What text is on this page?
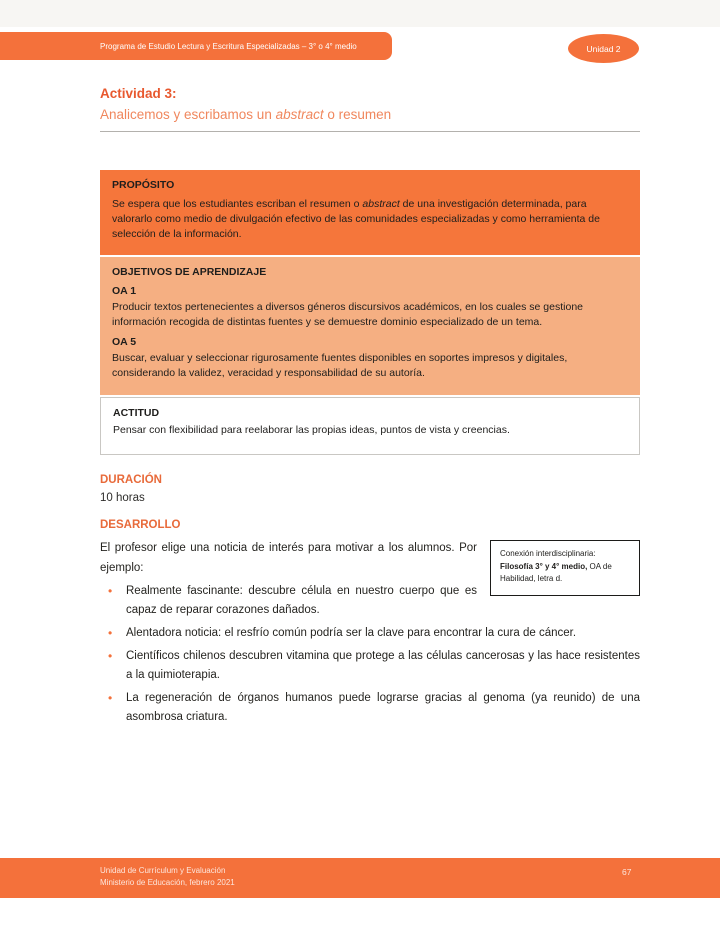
Programa de Estudio Lectura y Escritura Especializadas – 3° o 4° medio	Unidad 2
Actividad 3:
Analicemos y escribamos un abstract o resumen
PROPÓSITO

Se espera que los estudiantes escriban el resumen o abstract de una investigación determinada, para valorarlo como medio de divulgación efectivo de las comunidades especializadas y como herramienta de selección de la información.

OBJETIVOS DE APRENDIZAJE
OA 1

Producir textos pertenecientes a diversos géneros discursivos académicos, en los cuales se gestione información recogida de distintas fuentes y se demuestre dominio especializado de un tema.

OA 5

Buscar, evaluar y seleccionar rigurosamente fuentes disponibles en soportes impresos y digitales, considerando la validez, veracidad y responsabilidad de su autoría.

ACTITUD

Pensar con flexibilidad para reelaborar las propias ideas, puntos de vista y creencias.

DURACIÓN
10 horas
DESARROLLO
Conexión interdisciplinaria:
Filosofía 3° y 4° medio, OA de Habilidad, letra d.

El profesor elige una noticia de interés para motivar a los alumnos. Por ejemplo:

• Realmente fascinante: descubre célula en nuestro cuerpo que es capaz de reparar corazones dañados.
• Alentadora noticia: el resfrío común podría ser la clave para encontrar la cura de cáncer.
• Científicos chilenos descubren vitamina que protege a las células cancerosas y las hace resistentes a la quimioterapia.
• La regeneración de órganos humanos puede lograrse gracias al genoma (ya reunido) de una asombrosa criatura.
Unidad de Currículum y Evaluación
Ministerio de Educación, febrero 2021
67
